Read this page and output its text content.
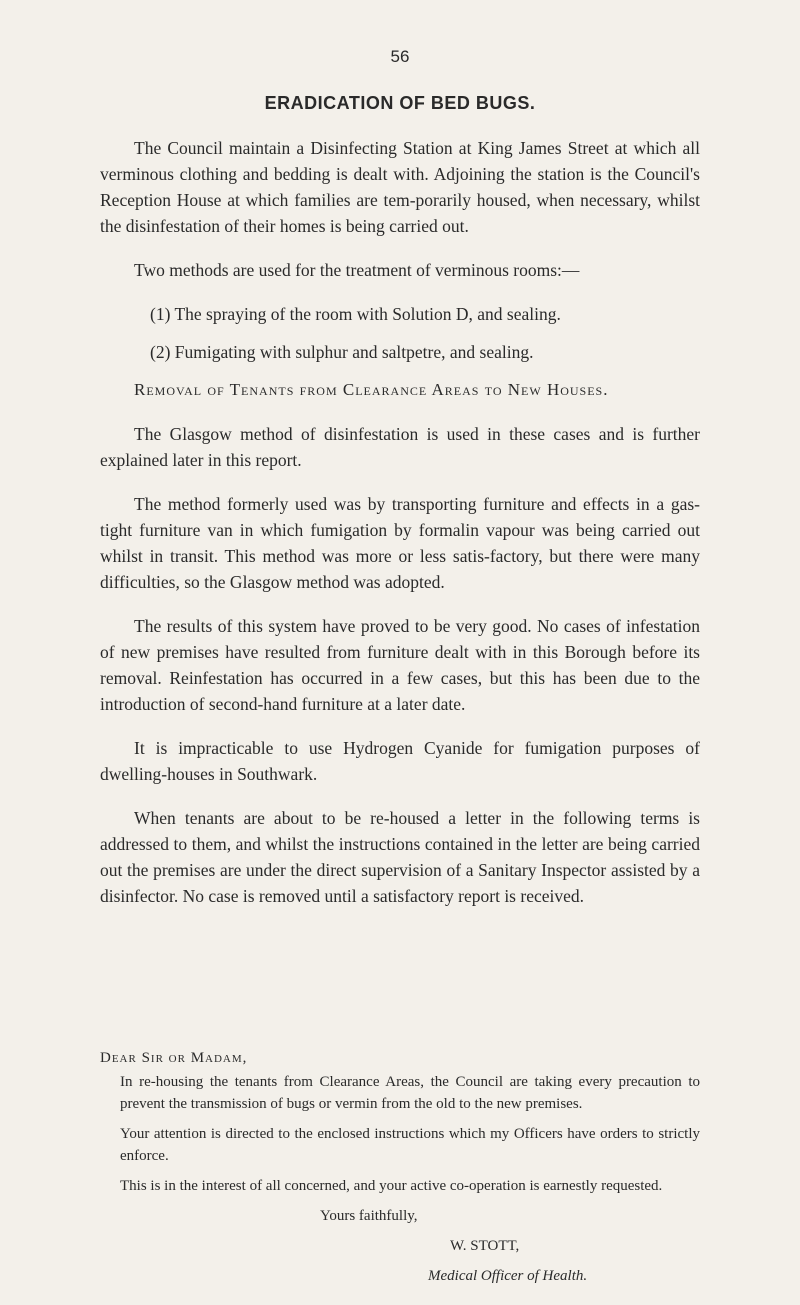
56
ERADICATION OF BED BUGS.

The Council maintain a Disinfecting Station at King James Street at which all verminous clothing and bedding is dealt with. Adjoining the station is the Council's Reception House at which families are tem-porarily housed, when necessary, whilst the disinfestation of their homes is being carried out.

Two methods are used for the treatment of verminous rooms:—

(1) The spraying of the room with Solution D, and sealing.

(2) Fumigating with sulphur and saltpetre, and sealing.

Removal of Tenants from Clearance Areas to New Houses.

The Glasgow method of disinfestation is used in these cases and is further explained later in this report.

The method formerly used was by transporting furniture and effects in a gas-tight furniture van in which fumigation by formalin vapour was being carried out whilst in transit. This method was more or less satis-factory, but there were many difficulties, so the Glasgow method was adopted.

The results of this system have proved to be very good. No cases of infestation of new premises have resulted from furniture dealt with in this Borough before its removal. Reinfestation has occurred in a few cases, but this has been due to the introduction of second-hand furniture at a later date.

It is impracticable to use Hydrogen Cyanide for fumigation purposes of dwelling-houses in Southwark.

When tenants are about to be re-housed a letter in the following terms is addressed to them, and whilst the instructions contained in the letter are being carried out the premises are under the direct supervision of a Sanitary Inspector assisted by a disinfector. No case is removed until a satisfactory report is received.

Dear Sir or Madam,

In re-housing the tenants from Clearance Areas, the Council are taking every precaution to prevent the transmission of bugs or vermin from the old to the new premises.

Your attention is directed to the enclosed instructions which my Officers have orders to strictly enforce.

This is in the interest of all concerned, and your active co-operation is earnestly requested.

Yours faithfully,

W. STOTT,

Medical Officer of Health.
